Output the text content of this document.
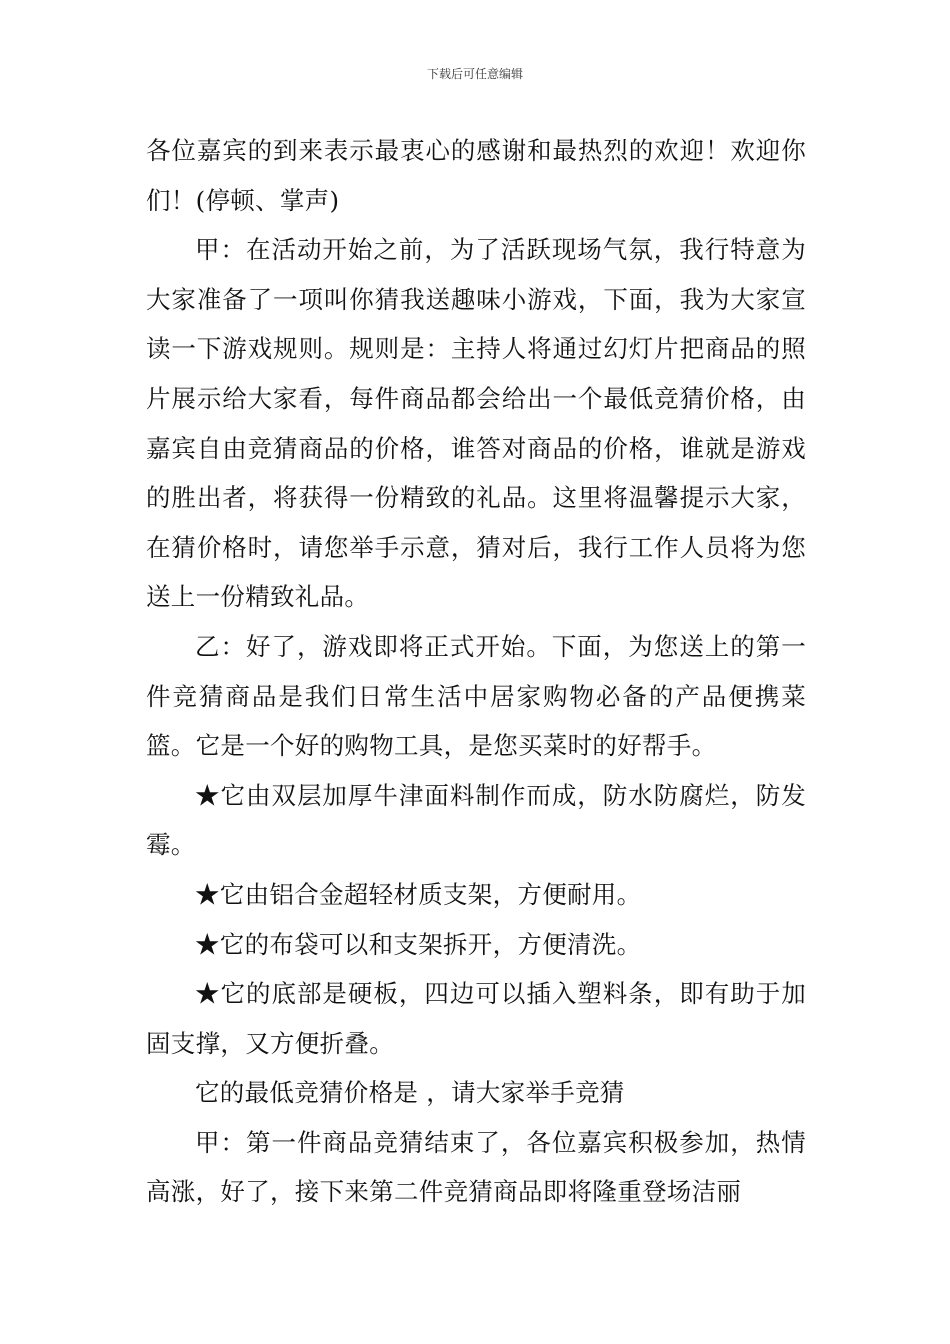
下载后可任意编辑

各位嘉宾的到来表示最衷心的感谢和最热烈的欢迎！欢迎你们！(停顿、掌声)

甲：在活动开始之前，为了活跃现场气氛，我行特意为大家准备了一项叫你猜我送趣味小游戏，下面，我为大家宣读一下游戏规则。规则是：主持人将通过幻灯片把商品的照片展示给大家看，每件商品都会给出一个最低竞猜价格，由嘉宾自由竞猜商品的价格，谁答对商品的价格，谁就是游戏的胜出者，将获得一份精致的礼品。这里将温馨提示大家，在猜价格时，请您举手示意，猜对后，我行工作人员将为您送上一份精致礼品。

乙：好了，游戏即将正式开始。下面，为您送上的第一件竞猜商品是我们日常生活中居家购物必备的产品便携菜篮。它是一个好的购物工具，是您买菜时的好帮手。

★它由双层加厚牛津面料制作而成，防水防腐烂，防发霉。

★它由铝合金超轻材质支架，方便耐用。

★它的布袋可以和支架拆开，方便清洗。

★它的底部是硬板，四边可以插入塑料条，即有助于加固支撑，又方便折叠。

它的最低竞猜价格是 ，请大家举手竞猜

甲：第一件商品竞猜结束了，各位嘉宾积极参加，热情高涨，好了，接下来第二件竞猜商品即将隆重登场洁丽
